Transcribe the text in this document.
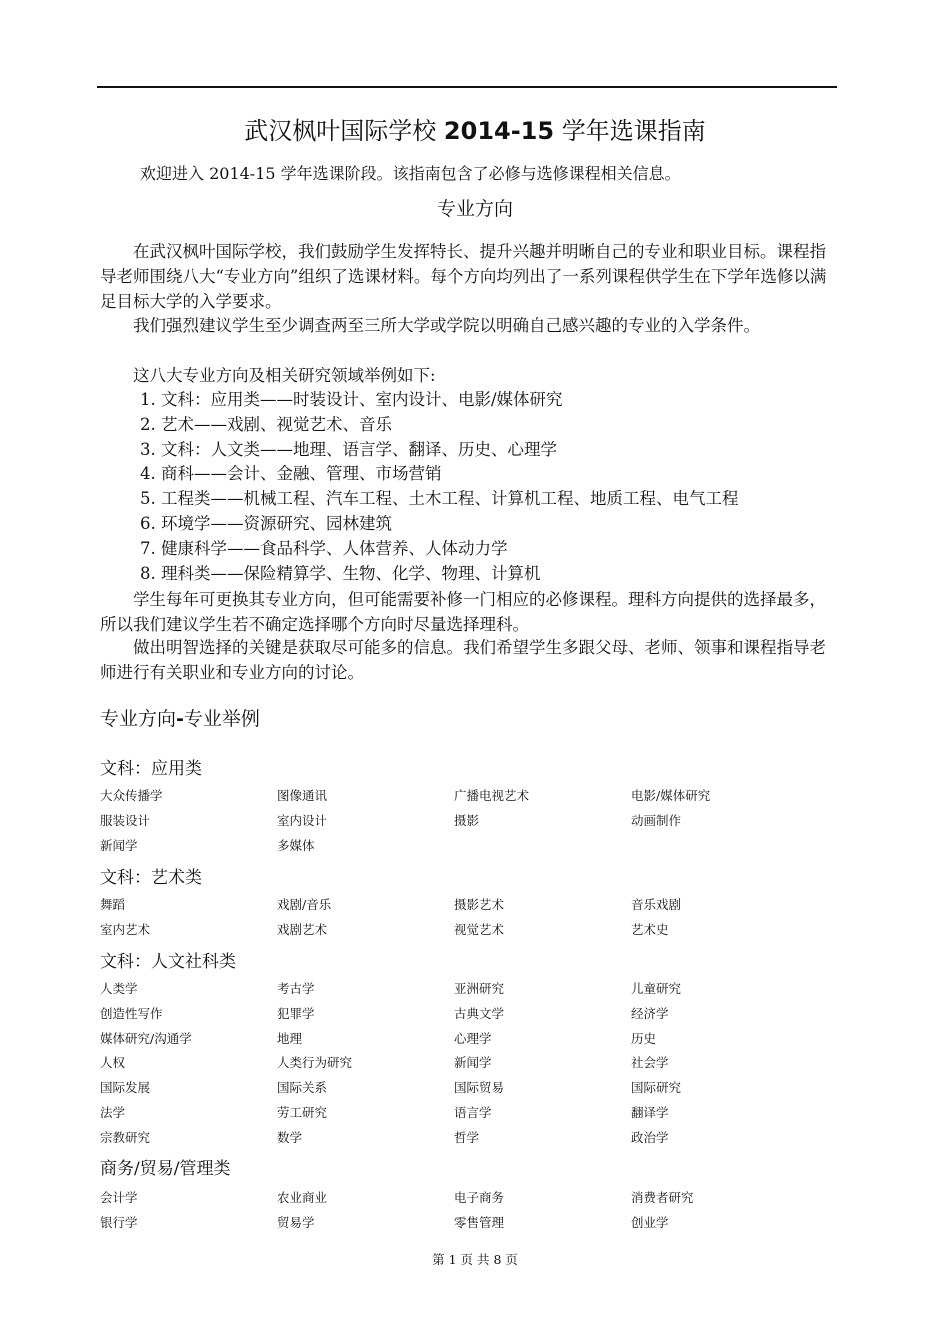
武汉枫叶国际学校 2014-15 学年选课指南
欢迎进入 2014-15 学年选课阶段。该指南包含了必修与选修课程相关信息。
专业方向
　　在武汉枫叶国际学校，我们鼓励学生发挥特长、提升兴趣并明晰自己的专业和职业目标。课程指导老师围绕八大“专业方向”组织了选课材料。每个方向均列出了一系列课程供学生在下学年选修以满足目标大学的入学要求。
　　我们强烈建议学生至少调查两至三所大学或学院以明确自己感兴趣的专业的入学条件。
　　这八大专业方向及相关研究领域举例如下:
1. 文科：应用类——时装设计、室内设计、电影/媒体研究
2. 艺术——戏剧、视觉艺术、音乐
3. 文科：人文类——地理、语言学、翻译、历史、心理学
4. 商科——会计、金融、管理、市场营销
5. 工程类——机械工程、汽车工程、土木工程、计算机工程、地质工程、电气工程
6. 环境学——资源研究、园林建筑
7. 健康科学——食品科学、人体营养、人体动力学
8. 理科类——保险精算学、生物、化学、物理、计算机
　　学生每年可更换其专业方向，但可能需要补修一门相应的必修课程。理科方向提供的选择最多，所以我们建议学生若不确定选择哪个方向时尽量选择理科。
　　做出明智选择的关键是获取尽可能多的信息。我们希望学生多跟父母、老师、领事和课程指导老师进行有关职业和专业方向的讨论。
专业方向-专业举例
文科：应用类
大众传播学	图像通讯	广播电视艺术	电影/媒体研究
服装设计	室内设计	摄影	动画制作
新闻学	多媒体
文科：艺术类
舞蹈	戏剧/音乐	摄影艺术	音乐戏剧
室内艺术	戏剧艺术	视觉艺术	艺术史
文科：人文社科类
人类学	考古学	亚洲研究	儿童研究
创造性写作	犯罪学	古典文学	经济学
媒体研究/沟通学	地理	心理学	历史
人权	人类行为研究	新闻学	社会学
国际发展	国际关系	国际贸易	国际研究
法学	劳工研究	语言学	翻译学
宗教研究	数学	哲学	政治学
商务/贸易/管理类
会计学	农业商业	电子商务	消费者研究
银行学	贸易学	零售管理	创业学
第 1 页 共 8 页
